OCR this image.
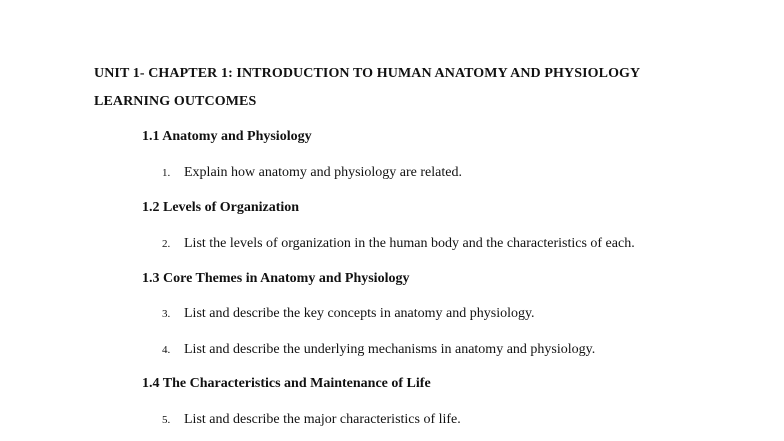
UNIT 1- CHAPTER 1: INTRODUCTION TO HUMAN ANATOMY AND PHYSIOLOGY
LEARNING OUTCOMES
1.1 Anatomy and Physiology
1. Explain how anatomy and physiology are related.
1.2 Levels of Organization
2. List the levels of organization in the human body and the characteristics of each.
1.3 Core Themes in Anatomy and Physiology
3. List and describe the key concepts in anatomy and physiology.
4. List and describe the underlying mechanisms in anatomy and physiology.
1.4 The Characteristics and Maintenance of Life
5. List and describe the major characteristics of life.
